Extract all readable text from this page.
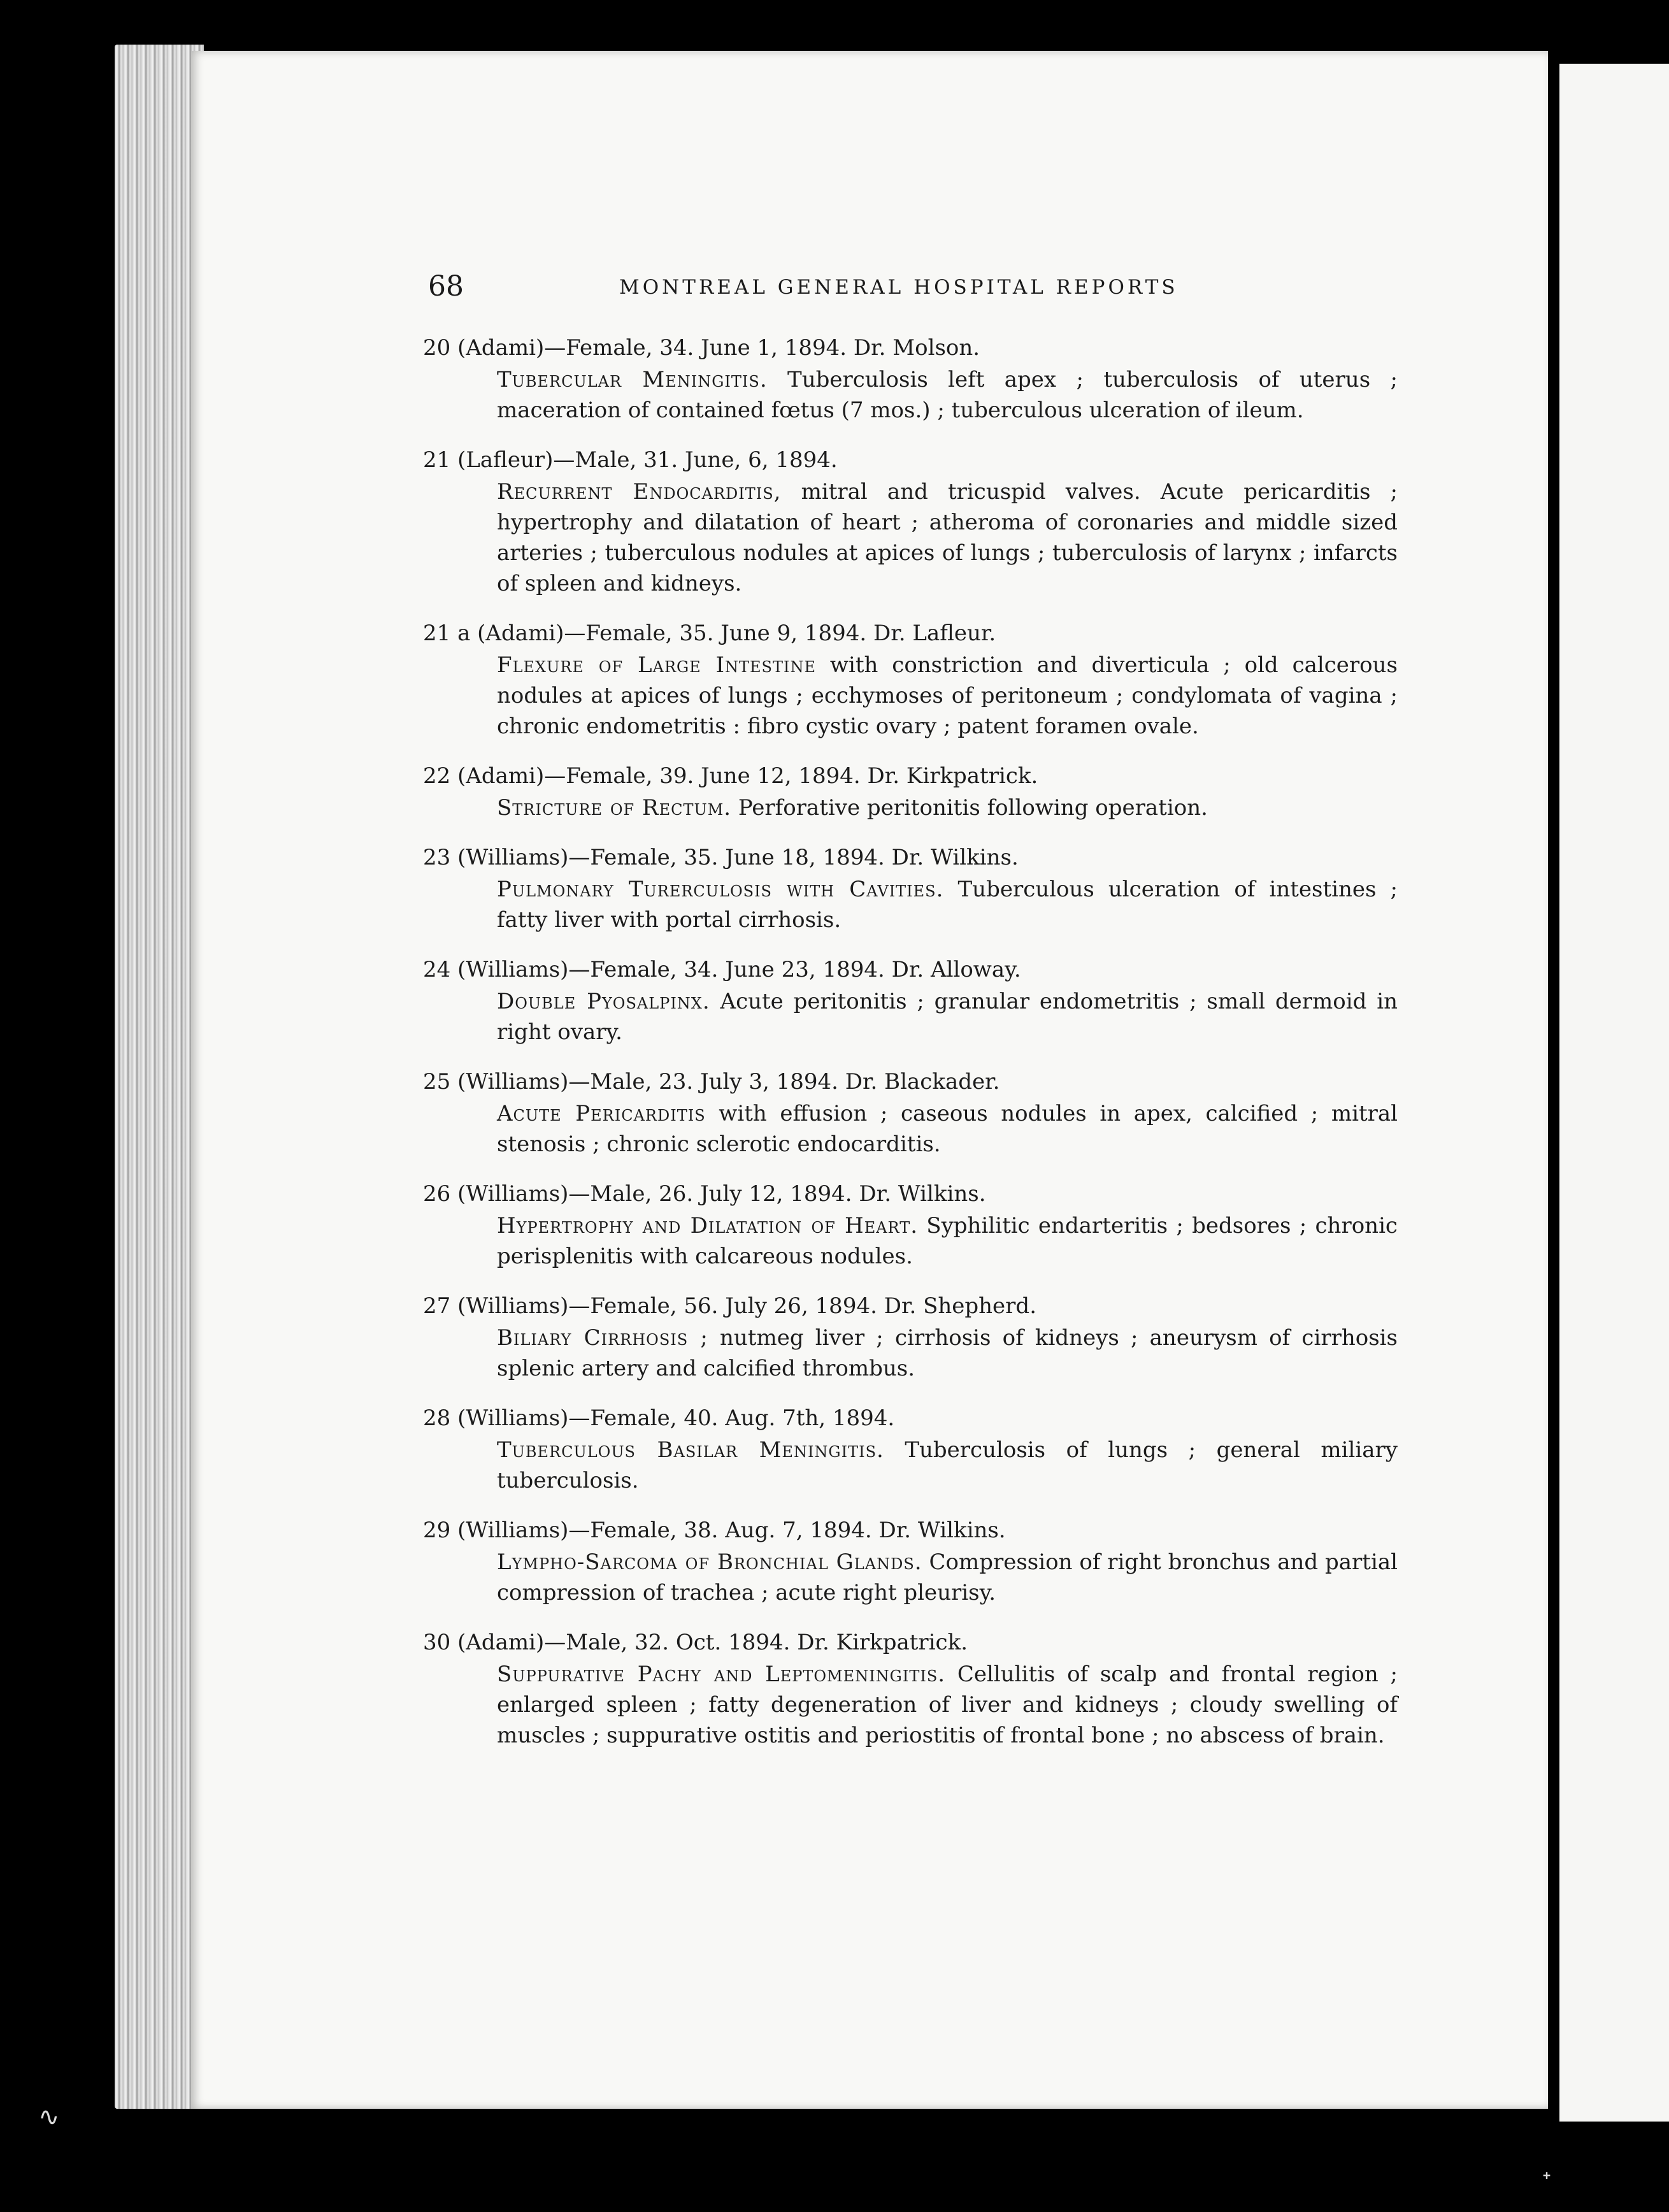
68	MONTREAL GENERAL HOSPITAL REPORTS
20 (Adami)—Female, 34. June 1, 1894. Dr. Molson.
Tubercular Meningitis. Tuberculosis left apex ; tuberculosis of uterus ; maceration of contained fœtus (7 mos.) ; tuberculous ulceration of ileum.
21 (Lafleur)—Male, 31. June, 6, 1894.
Recurrent Endocarditis, mitral and tricuspid valves. Acute pericarditis ; hypertrophy and dilatation of heart ; atheroma of coronaries and middle sized arteries ; tuberculous nodules at apices of lungs ; tuberculosis of larynx ; infarcts of spleen and kidneys.
21 a (Adami)—Female, 35. June 9, 1894. Dr. Lafleur.
Flexure of Large Intestine with constriction and diverticula ; old calcerous nodules at apices of lungs ; ecchymoses of peritoneum ; condylomata of vagina ; chronic endometritis : fibro cystic ovary ; patent foramen ovale.
22 (Adami)—Female, 39. June 12, 1894. Dr. Kirkpatrick.
Stricture of Rectum. Perforative peritonitis following operation.
23 (Williams)—Female, 35. June 18, 1894. Dr. Wilkins.
Pulmonary Turerculosis with Cavities. Tuberculous ulceration of intestines ; fatty liver with portal cirrhosis.
24 (Williams)—Female, 34. June 23, 1894. Dr. Alloway.
Double Pyosalpinx. Acute peritonitis ; granular endometritis ; small dermoid in right ovary.
25 (Williams)—Male, 23. July 3, 1894. Dr. Blackader.
Acute Pericarditis with effusion ; caseous nodules in apex, calcified ; mitral stenosis ; chronic sclerotic endocarditis.
26 (Williams)—Male, 26. July 12, 1894. Dr. Wilkins.
Hypertrophy and Dilatation of Heart. Syphilitic endarteritis ; bedsores ; chronic perisplenitis with calcareous nodules.
27 (Williams)—Female, 56. July 26, 1894. Dr. Shepherd.
Biliary Cirrhosis ; nutmeg liver ; cirrhosis of kidneys ; aneurysm of cirrhosis splenic artery and calcified thrombus.
28 (Williams)—Female, 40. Aug. 7th, 1894.
Tuberculous Basilar Meningitis. Tuberculosis of lungs ; general miliary tuberculosis.
29 (Williams)—Female, 38. Aug. 7, 1894. Dr. Wilkins.
Lympho-Sarcoma of Bronchial Glands. Compression of right bronchus and partial compression of trachea ; acute right pleurisy.
30 (Adami)—Male, 32. Oct. 1894. Dr. Kirkpatrick.
Suppurative Pachy and Leptomeningitis. Cellulitis of scalp and frontal region ; enlarged spleen ; fatty degeneration of liver and kidneys ; cloudy swelling of muscles ; suppurative ostitis and periostitis of frontal bone ; no abscess of brain.
∿
ᐩ
